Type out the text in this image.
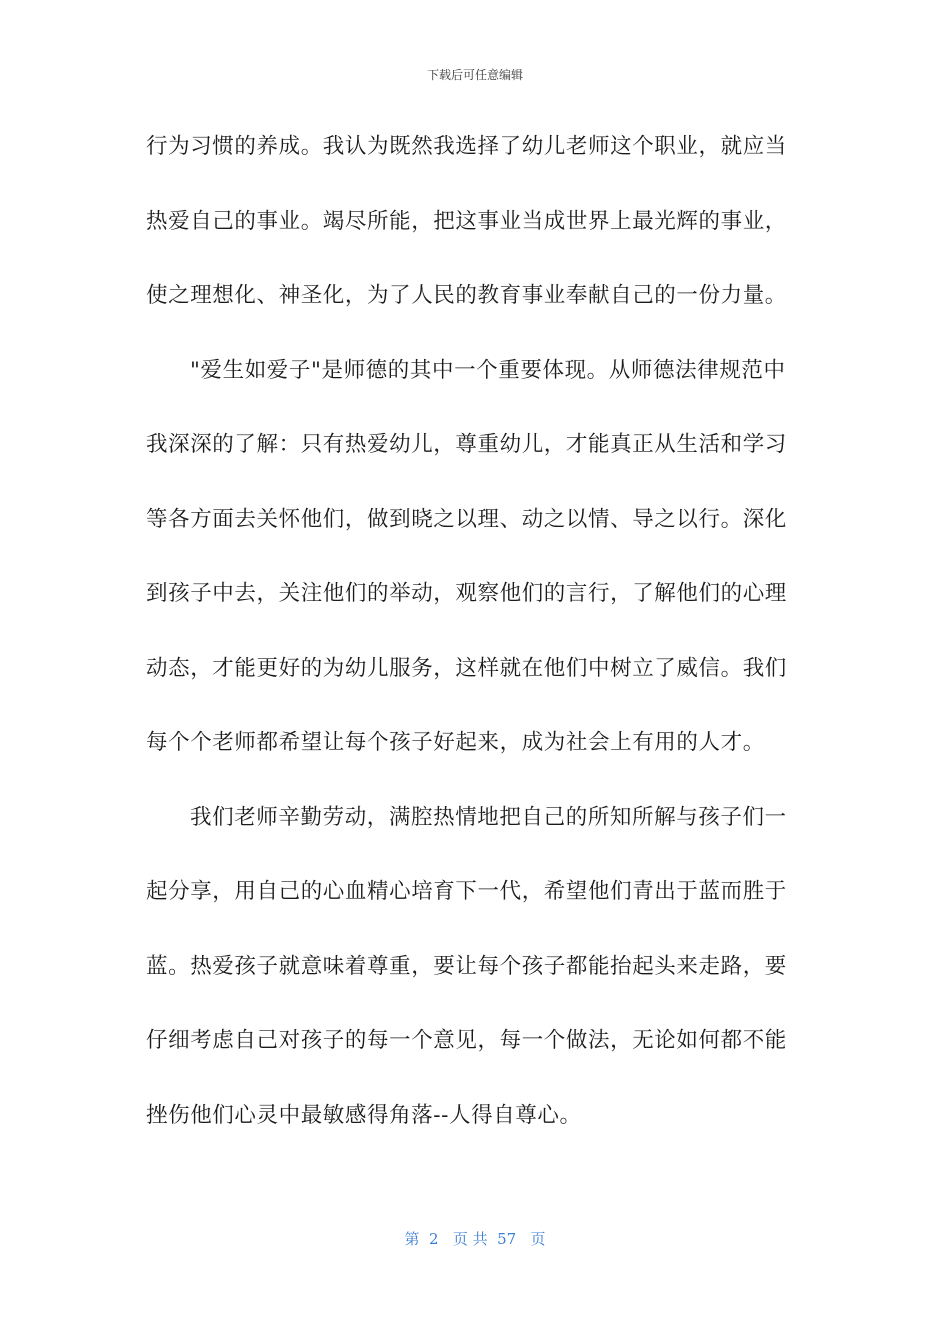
下载后可任意编辑
行为习惯的养成。我认为既然我选择了幼儿老师这个职业，就应当
热爱自己的事业。竭尽所能，把这事业当成世界上最光辉的事业，
使之理想化、神圣化，为了人民的教育事业奉献自己的一份力量。
"爱生如爱子"是师德的其中一个重要体现。从师德法律规范中
我深深的了解：只有热爱幼儿，尊重幼儿，才能真正从生活和学习
等各方面去关怀他们，做到晓之以理、动之以情、导之以行。深化
到孩子中去，关注他们的举动，观察他们的言行，了解他们的心理
动态，才能更好的为幼儿服务，这样就在他们中树立了威信。我们
每个个老师都希望让每个孩子好起来，成为社会上有用的人才。
我们老师辛勤劳动，满腔热情地把自己的所知所解与孩子们一
起分享，用自己的心血精心培育下一代，希望他们青出于蓝而胜于
蓝。热爱孩子就意味着尊重，要让每个孩子都能抬起头来走路，要
仔细考虑自己对孩子的每一个意见，每一个做法，无论如何都不能
挫伤他们心灵中最敏感得角落--人得自尊心。
第  2   页 共  57   页
